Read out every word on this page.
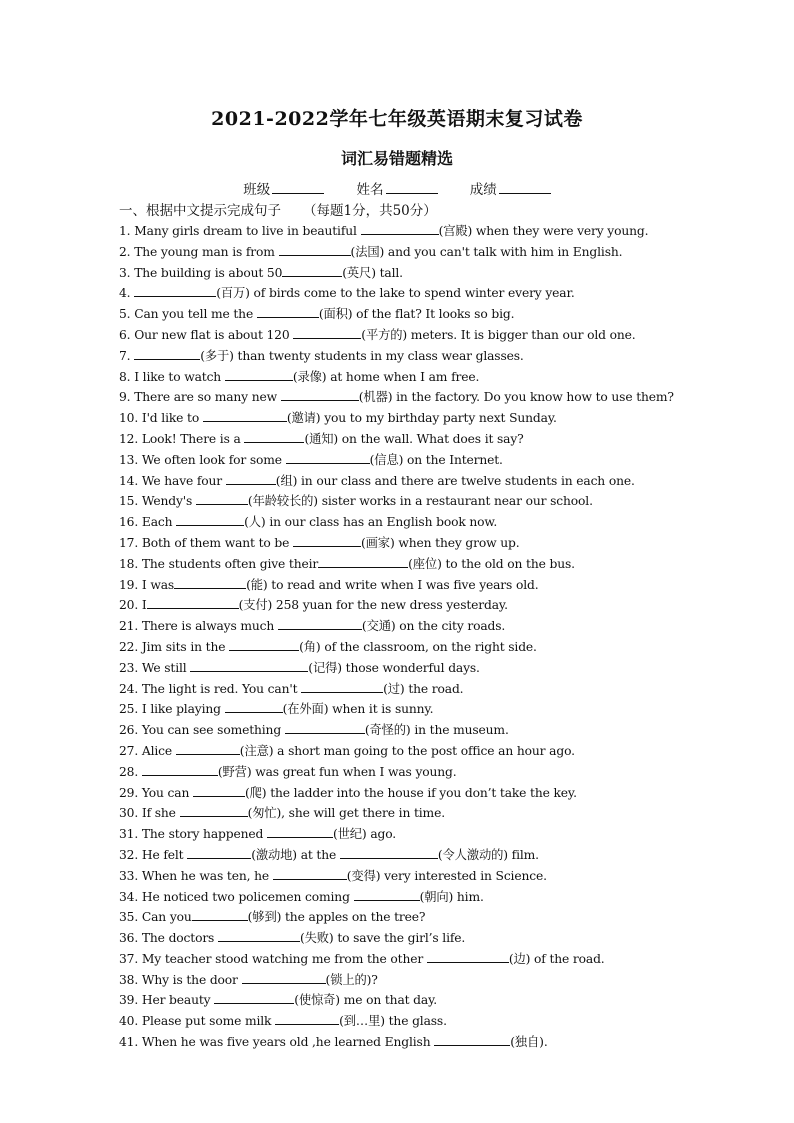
2021-2022学年七年级英语期末复习试卷
词汇易错题精选
班级	姓名	成绩
一、根据中文提示完成句子 （每题1分，共50分）
1. Many girls dream to live in beautiful	(宫殿) when they were very young.
2. The young man is from	(法国) and you can't talk with him in English.
3. The building is about 50	(英尺) tall.
4.	(百万) of birds come to the lake to spend winter every year.
5. Can you tell me the	(面积) of the flat? It looks so big.
6. Our new flat is about 120	(平方的) meters. It is bigger than our old one.
7.	(多于) than twenty students in my class wear glasses.
8. I like to watch	(录像) at home when I am free.
9. There are so many new	(机器) in the factory. Do you know how to use them?
10. I'd like to	(邀请) you to my birthday party next Sunday.
12. Look! There is a	(通知) on the wall. What does it say?
13. We often look for some	(信息) on the Internet.
14. We have four	(组) in our class and there are twelve students in each one.
15. Wendy's	(年龄较长的) sister works in a restaurant near our school.
16. Each	(人) in our class has an English book now.
17. Both of them want to be	(画家) when they grow up.
18. The students often give their	(座位) to the old on the bus.
19. I was	(能) to read and write when I was five years old.
20. I	(支付) 258 yuan for the new dress yesterday.
21. There is always much	(交通) on the city roads.
22. Jim sits in the	(角) of the classroom, on the right side.
23. We still	(记得) those wonderful days.
24. The light is red. You can't	(过) the road.
25. I like playing	(在外面) when it is sunny.
26. You can see something	(奇怪的) in the museum.
27. Alice	(注意) a short man going to the post office an hour ago.
28.	(野营) was great fun when I was young.
29. You can	(爬) the ladder into the house if you don’t take the key.
30. If she	(匆忙), she will get there in time.
31. The story happened	(世纪) ago.
32. He felt	(激动地) at the	(令人激动的) film.
33. When he was ten, he	(变得) very interested in Science.
34. He noticed two policemen coming	(朝向) him.
35. Can you	(够到) the apples on the tree?
36. The doctors	(失败) to save the girl’s life.
37. My teacher stood watching me from the other	(边) of the road.
38. Why is the door	(锁上的)?
39. Her beauty	(使惊奇) me on that day.
40. Please put some milk	(到…里) the glass.
41. When he was five years old ,he learned English	(独自).
